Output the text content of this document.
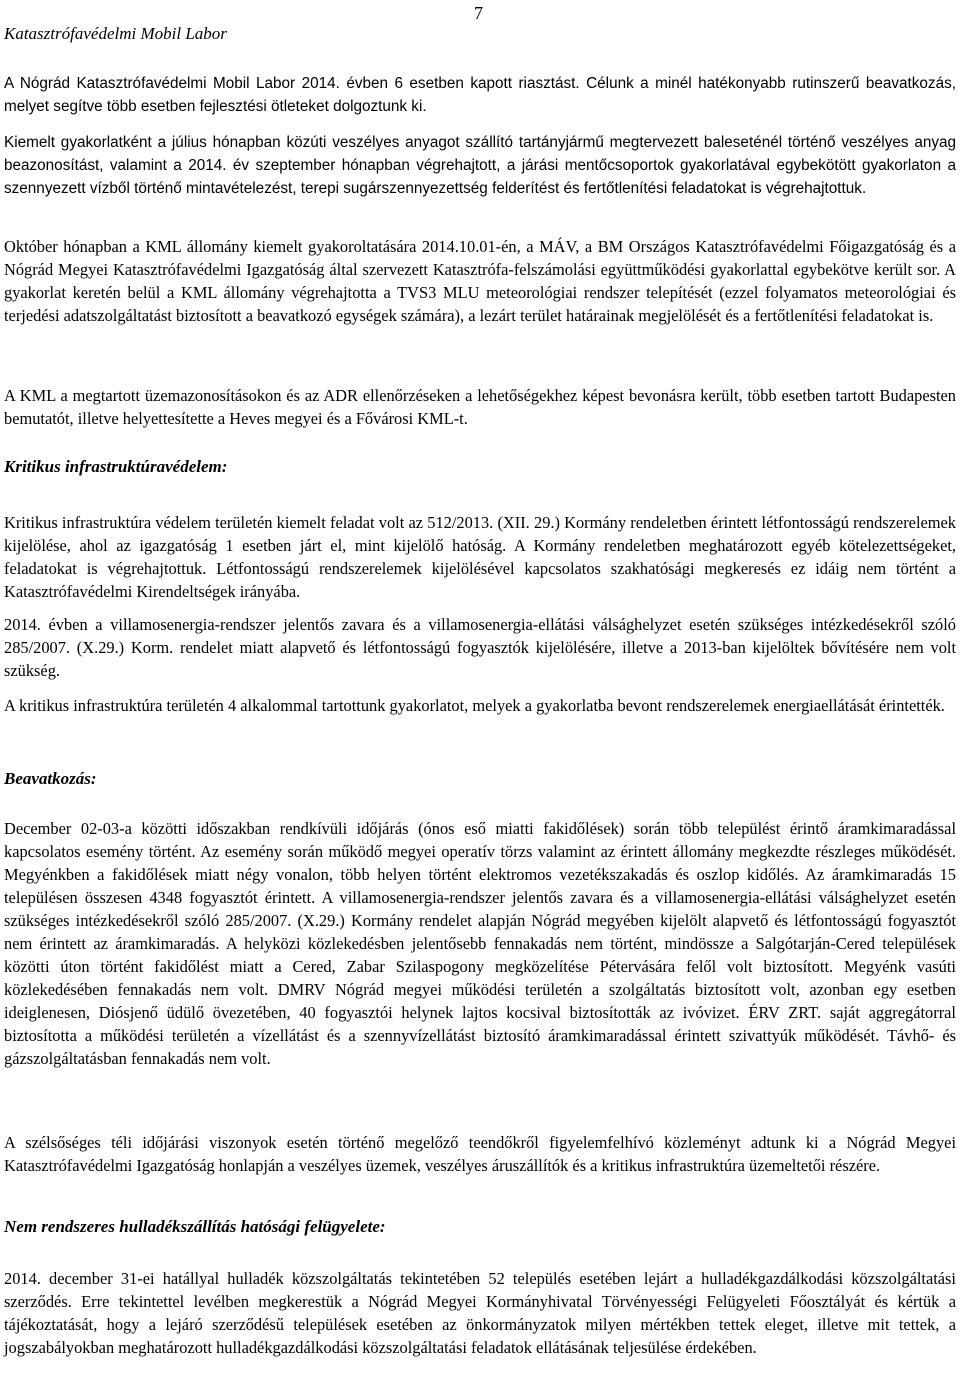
Katasztrófavédelmi Mobil Labor
7

A Nógrád Katasztrófavédelmi Mobil Labor 2014. évben 6 esetben kapott riasztást. Célunk a minél hatékonyabb rutinszerű beavatkozás, melyet segítve több esetben fejlesztési ötleteket dolgoztunk ki.

Kiemelt gyakorlatként a július hónapban közúti veszélyes anyagot szállító tartányjármű megtervezett baleseténél történő veszélyes anyag beazonosítást, valamint a 2014. év szeptember hónapban végrehajtott, a járási mentőcsoportok gyakorlatával egybekötött gyakorlaton a szennyezett vízből történő mintavételezést, terepi sugárszennyezettség felderítést és fertőtlenítési feladatokat is végrehajtottuk.

Október hónapban a KML állomány kiemelt gyakoroltatására 2014.10.01-én, a MÁV, a BM Országos Katasztrófavédelmi Főigazgatóság és a Nógrád Megyei Katasztrófavédelmi Igazgatóság által szervezett Katasztrófa-felszámolási együttműködési gyakorlattal egybekötve került sor. A gyakorlat keretén belül a KML állomány végrehajtotta a TVS3 MLU meteorológiai rendszer telepítését (ezzel folyamatos meteorológiai és terjedési adatszolgáltatást biztosított a beavatkozó egységek számára), a lezárt terület határainak megjelölését és a fertőtlenítési feladatokat is.

A KML a megtartott üzemazonosításokon és az ADR ellenőrzéseken a lehetőségekhez képest bevonásra került, több esetben tartott Budapesten bemutatót, illetve helyettesítette a Heves megyei és a Fővárosi KML-t.

Kritikus infrastruktúravédelem:

Kritikus infrastruktúra védelem területén kiemelt feladat volt az 512/2013. (XII. 29.) Kormány rendeletben érintett létfontosságú rendszerelemek kijelölése, ahol az igazgatóság 1 esetben járt el, mint kijelölő hatóság. A Kormány rendeletben meghatározott egyéb kötelezettségeket, feladatokat is végrehajtottuk. Létfontosságú rendszerelemek kijelölésével kapcsolatos szakhatósági megkeresés ez idáig nem történt a Katasztrófavédelmi Kirendeltségek irányába.

2014. évben a villamosenergia-rendszer jelentős zavara és a villamosenergia-ellátási válsághelyzet esetén szükséges intézkedésekről szóló 285/2007. (X.29.) Korm. rendelet miatt alapvető és létfontosságú fogyasztók kijelölésére, illetve a 2013-ban kijelöltek bővítésére nem volt szükség.

A kritikus infrastruktúra területén 4 alkalommal tartottunk gyakorlatot, melyek a gyakorlatba bevont rendszerelemek energiaellátását érintették.

Beavatkozás:

December 02-03-a közötti időszakban rendkívüli időjárás (ónos eső miatti fakidőlések) során több települést érintő áramkimaradással kapcsolatos esemény történt. Az esemény során működő megyei operatív törzs valamint az érintett állomány megkezdte részleges működését. Megyénkben a fakidőlések miatt négy vonalon, több helyen történt elektromos vezetékszakadás és oszlop kidőlés. Az áramkimaradás 15 településen összesen 4348 fogyasztót érintett. A villamosenergia-rendszer jelentős zavara és a villamosenergia-ellátási válsághelyzet esetén szükséges intézkedésekről szóló 285/2007. (X.29.) Kormány rendelet alapján Nógrád megyében kijelölt alapvető és létfontosságú fogyasztót nem érintett az áramkimaradás. A helyközi közlekedésben jelentősebb fennakadás nem történt, mindössze a Salgótarján-Cered települések közötti úton történt fakidőlést miatt a Cered, Zabar Szilaspogony megközelítése Pétervására felől volt biztosított. Megyénk vasúti közlekedésében fennakadás nem volt. DMRV Nógrád megyei működési területén a szolgáltatás biztosított volt, azonban egy esetben ideiglenesen, Diósjenő üdülő övezetében, 40 fogyasztói helynek lajtos kocsival biztosították az ivóvizet. ÉRV ZRT. saját aggregátorral biztosította a működési területén a vízellátást és a szennyvízellátást biztosító áramkimaradással érintett szivattyúk működését. Távhő- és gázszolgáltatásban fennakadás nem volt.

A szélsőséges téli időjárási viszonyok esetén történő megelőző teendőkről figyelemfelhívó közleményt adtunk ki a Nógrád Megyei Katasztrófavédelmi Igazgatóság honlapján a veszélyes üzemek, veszélyes áruszállítók és a kritikus infrastruktúra üzemeltetői részére.

Nem rendszeres hulladékszállítás hatósági felügyelete:

2014. december 31-ei hatállyal hulladék közszolgáltatás tekintetében 52 település esetében lejárt a hulladékgazdálkodási közszolgáltatási szerződés. Erre tekintettel levélben megkerestük a Nógrád Megyei Kormányhivatal Törvényességi Felügyeleti Főosztályát és kértük a tájékoztatását, hogy a lejáró szerződésű települések esetében az önkormányzatok milyen mértékben tettek eleget, illetve mit tettek, a jogszabályokban meghatározott hulladékgazdálkodási közszolgáltatási feladatok ellátásának teljesülése érdekében.
